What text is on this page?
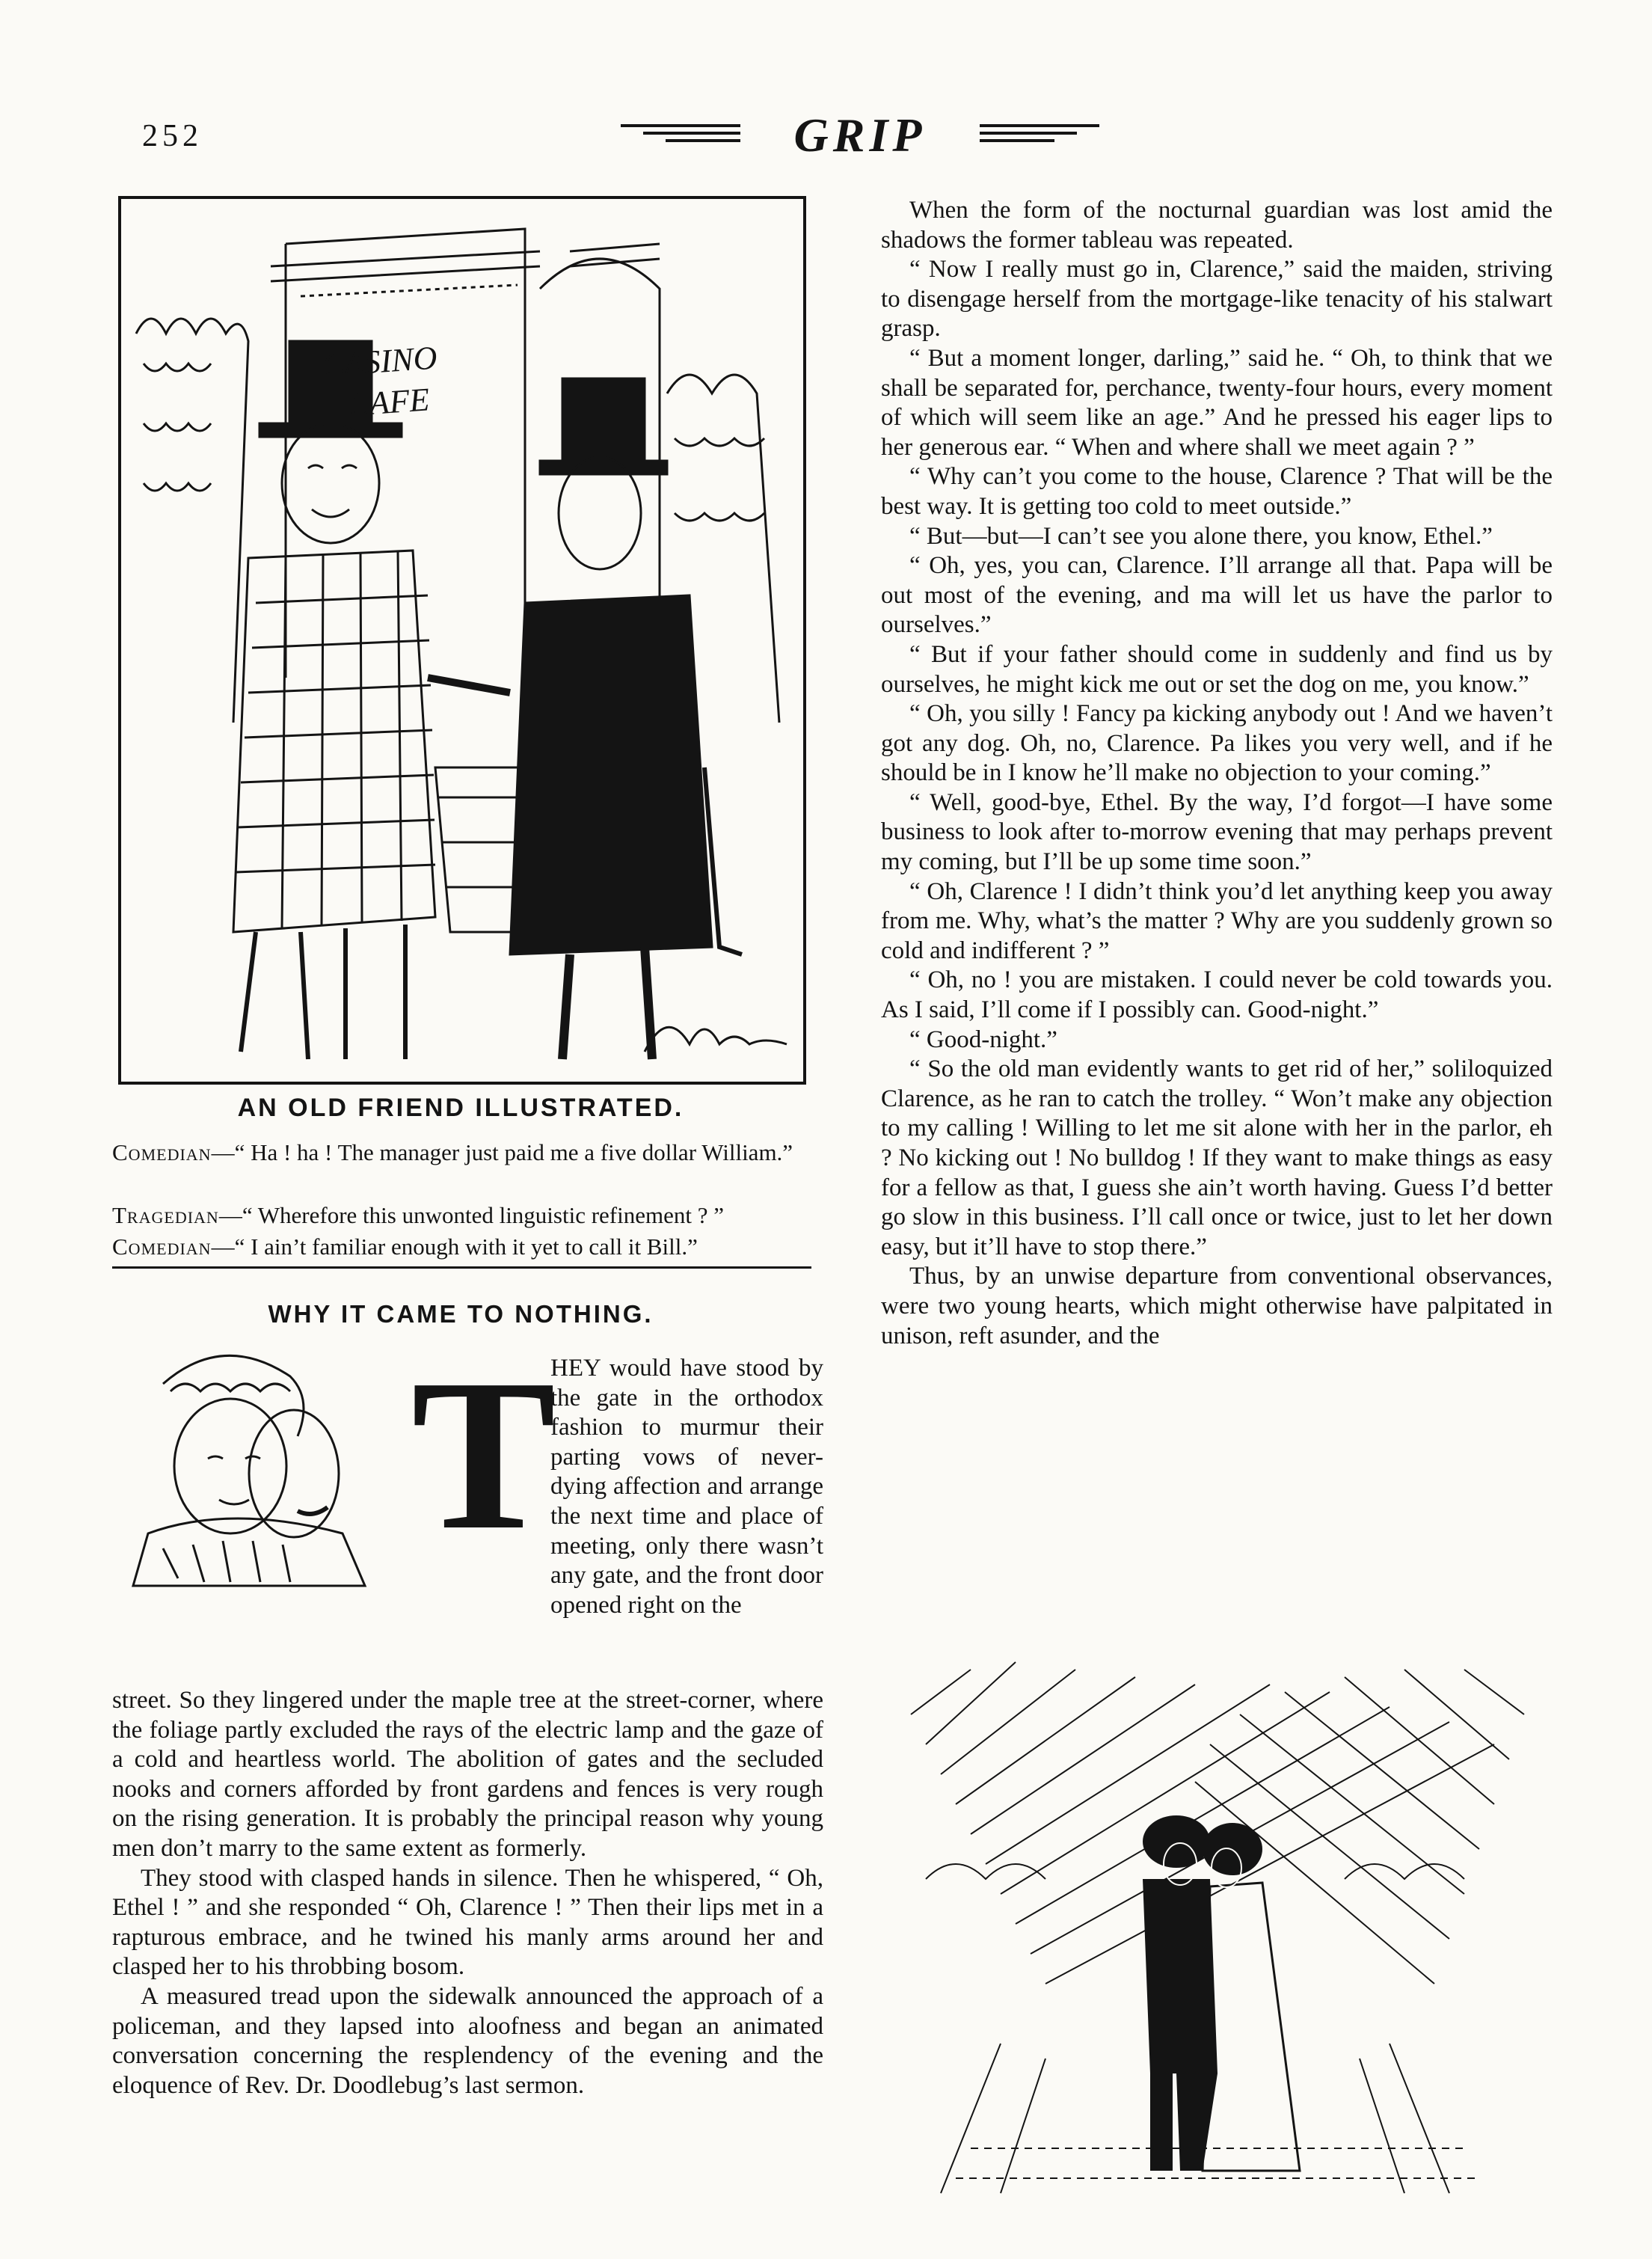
252	GRIP
CASINO
CAFE
AN OLD FRIEND ILLUSTRATED.
Comedian—“ Ha ! ha ! The manager just paid me a five dollar William.”
Tragedian—“ Wherefore this unwonted linguistic refinement ? ”
Comedian—“ I ain’t familiar enough with it yet to call it Bill.”
WHY IT CAME TO NOTHING.
T

HEY would have stood by the gate in the orthodox fashion to murmur their parting vows of never-dying affection and arrange the next time and place of meeting, only there wasn’t any gate, and the front door opened right on the

street. So they lingered under the maple tree at the street-corner, where the foliage partly excluded the rays of the electric lamp and the gaze of a cold and heartless world. The abolition of gates and the secluded nooks and corners afforded by front gardens and fences is very rough on the rising generation. It is probably the principal reason why young men don’t marry to the same extent as formerly.

They stood with clasped hands in silence. Then he whispered, “ Oh, Ethel ! ” and she responded “ Oh, Clarence ! ” Then their lips met in a rapturous embrace, and he twined his manly arms around her and clasped her to his throbbing bosom.

A measured tread upon the sidewalk announced the approach of a policeman, and they lapsed into aloofness and began an animated conversation concerning the resplendency of the evening and the eloquence of Rev. Dr. Doodlebug’s last sermon.

When the form of the nocturnal guardian was lost amid the shadows the former tableau was repeated.

“ Now I really must go in, Clarence,” said the maiden, striving to disengage herself from the mortgage-like tenacity of his stalwart grasp.

“ But a moment longer, darling,” said he. “ Oh, to think that we shall be separated for, perchance, twenty-four hours, every moment of which will seem like an age.” And he pressed his eager lips to her generous ear. “ When and where shall we meet again ? ”

“ Why can’t you come to the house, Clarence ? That will be the best way. It is getting too cold to meet outside.”

“ But—but—I can’t see you alone there, you know, Ethel.”

“ Oh, yes, you can, Clarence. I’ll arrange all that. Papa will be out most of the evening, and ma will let us have the parlor to ourselves.”

“ But if your father should come in suddenly and find us by ourselves, he might kick me out or set the dog on me, you know.”

“ Oh, you silly ! Fancy pa kicking anybody out ! And we haven’t got any dog. Oh, no, Clarence. Pa likes you very well, and if he should be in I know he’ll make no objection to your coming.”

“ Well, good-bye, Ethel. By the way, I’d forgot—I have some business to look after to-morrow evening that may perhaps prevent my coming, but I’ll be up some time soon.”

“ Oh, Clarence ! I didn’t think you’d let anything keep you away from me. Why, what’s the matter ? Why are you suddenly grown so cold and indifferent ? ”

“ Oh, no ! you are mistaken. I could never be cold towards you. As I said, I’ll come if I possibly can. Good-night.”

“ Good-night.”

“ So the old man evidently wants to get rid of her,” soliloquized Clarence, as he ran to catch the trolley. “ Won’t make any objection to my calling ! Willing to let me sit alone with her in the parlor, eh ? No kicking out ! No bulldog ! If they want to make things as easy for a fellow as that, I guess she ain’t worth having. Guess I’d better go slow in this business. I’ll call once or twice, just to let her down easy, but it’ll have to stop there.”

Thus, by an unwise departure from conventional observances, were two young hearts, which might otherwise have palpitated in unison, reft asunder, and the
